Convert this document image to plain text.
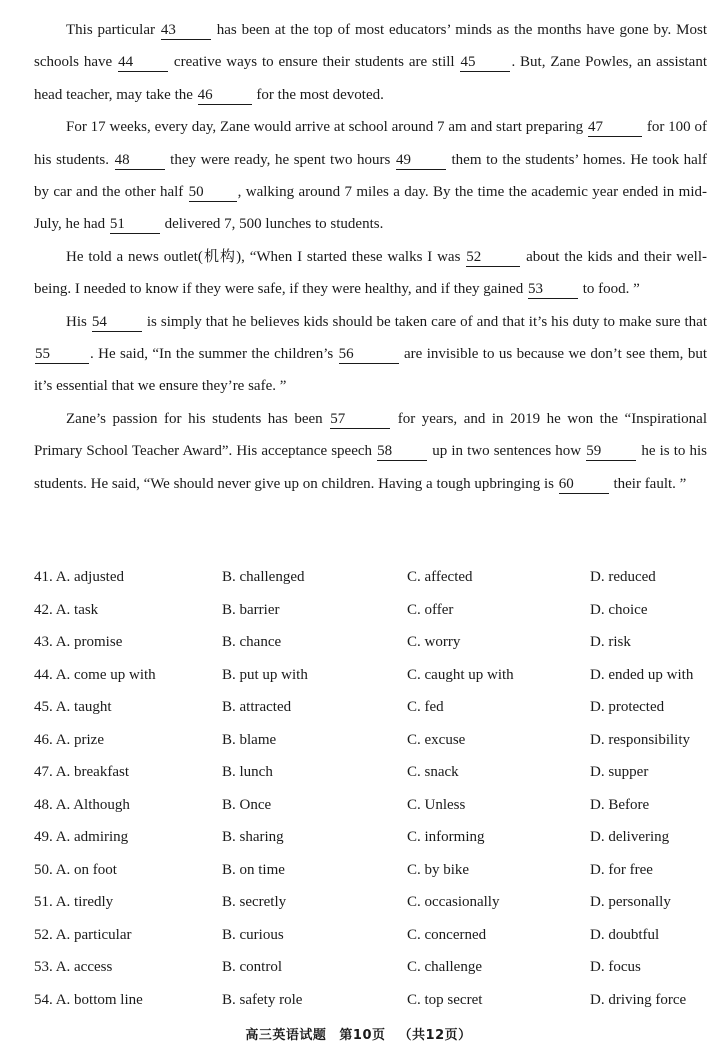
This particular 43 has been at the top of most educators’ minds as the months have gone by. Most schools have 44 creative ways to ensure their students are still 45 . But, Zane Powles, an assistant head teacher, may take the 46	for the most devoted.

For 17 weeks, every day, Zane would arrive at school around 7 am and start preparing 47	for 100 of his students. 48 they were ready, he spent two hours 49 them to the students’ homes. He took half by car and the other half 50 , walking around 7 miles a day. By the time the academic year ended in mid-July, he had 51 delivered 7, 500 lunches to students.

He told a news outlet(机构), “When I started these walks I was 52	about the kids and their well-being. I needed to know if they were safe, if they were healthy, and if they gained 53 to food. ”

His 54 is simply that he believes kids should be taken care of and that it’s his duty to make sure that 55	. He said, “In the summer the children’s 56	are invisible to us because we don’t see them, but it’s essential that we ensure they’re safe. ”

Zane’s passion for his students has been 57	for years, and in 2019 he won the “Inspirational Primary School Teacher Award”. His acceptance speech 58 up in two sentences how 59 he is to his students. He said, “We should never give up on children. Having a tough upbringing is 60 their fault. ”

41. A. adjusted	B. challenged	C. affected	D. reduced
42. A. task	B. barrier	C. offer	D. choice
43. A. promise	B. chance	C. worry	D. risk
44. A. come up with	B. put up with	C. caught up with	D. ended up with
45. A. taught	B. attracted	C. fed	D. protected
46. A. prize	B. blame	C. excuse	D. responsibility
47. A. breakfast	B. lunch	C. snack	D. supper
48. A. Although	B. Once	C. Unless	D. Before
49. A. admiring	B. sharing	C. informing	D. delivering
50. A. on foot	B. on time	C. by bike	D. for free
51. A. tiredly	B. secretly	C. occasionally	D. personally
52. A. particular	B. curious	C. concerned	D. doubtful
53. A. access	B. control	C. challenge	D. focus
54. A. bottom line	B. safety role	C. top secret	D. driving force
高三英语试题 第10页 （共12页）
